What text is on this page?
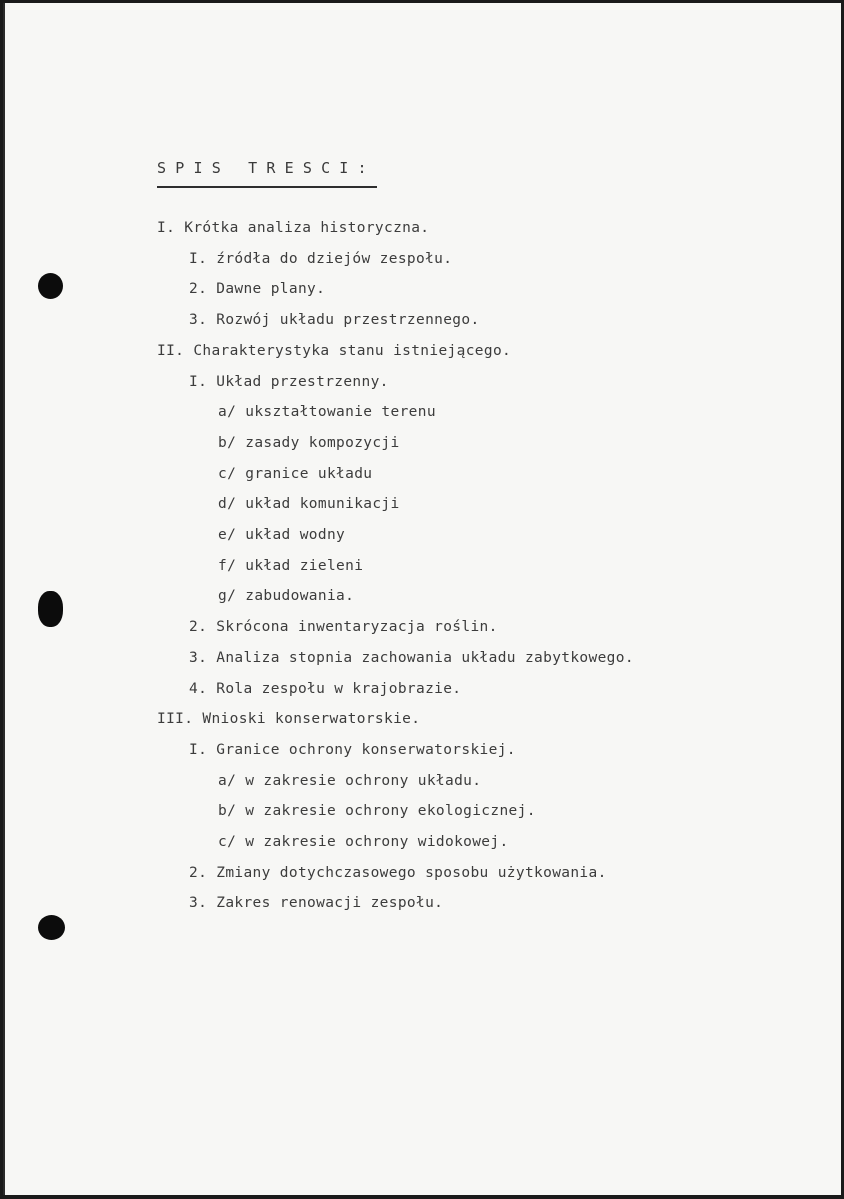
SPIS TRESCI:
I. Krótka analiza historyczna.
I. źródła do dziejów zespołu.
2. Dawne plany.
3. Rozwój układu przestrzennego.
II. Charakterystyka stanu istniejącego.
I. Układ przestrzenny.
a/ ukształtowanie terenu
b/ zasady kompozycji
c/ granice układu
d/ układ komunikacji
e/ układ wodny
f/ układ zieleni
g/ zabudowania.
2. Skrócona inwentaryzacja roślin.
3. Analiza stopnia zachowania układu zabytkowego.
4. Rola zespołu w krajobrazie.
III. Wnioski konserwatorskie.
I. Granice ochrony konserwatorskiej.
a/ w zakresie ochrony układu.
b/ w zakresie ochrony ekologicznej.
c/ w zakresie ochrony widokowej.
2. Zmiany dotychczasowego sposobu użytkowania.
3. Zakres renowacji zespołu.
